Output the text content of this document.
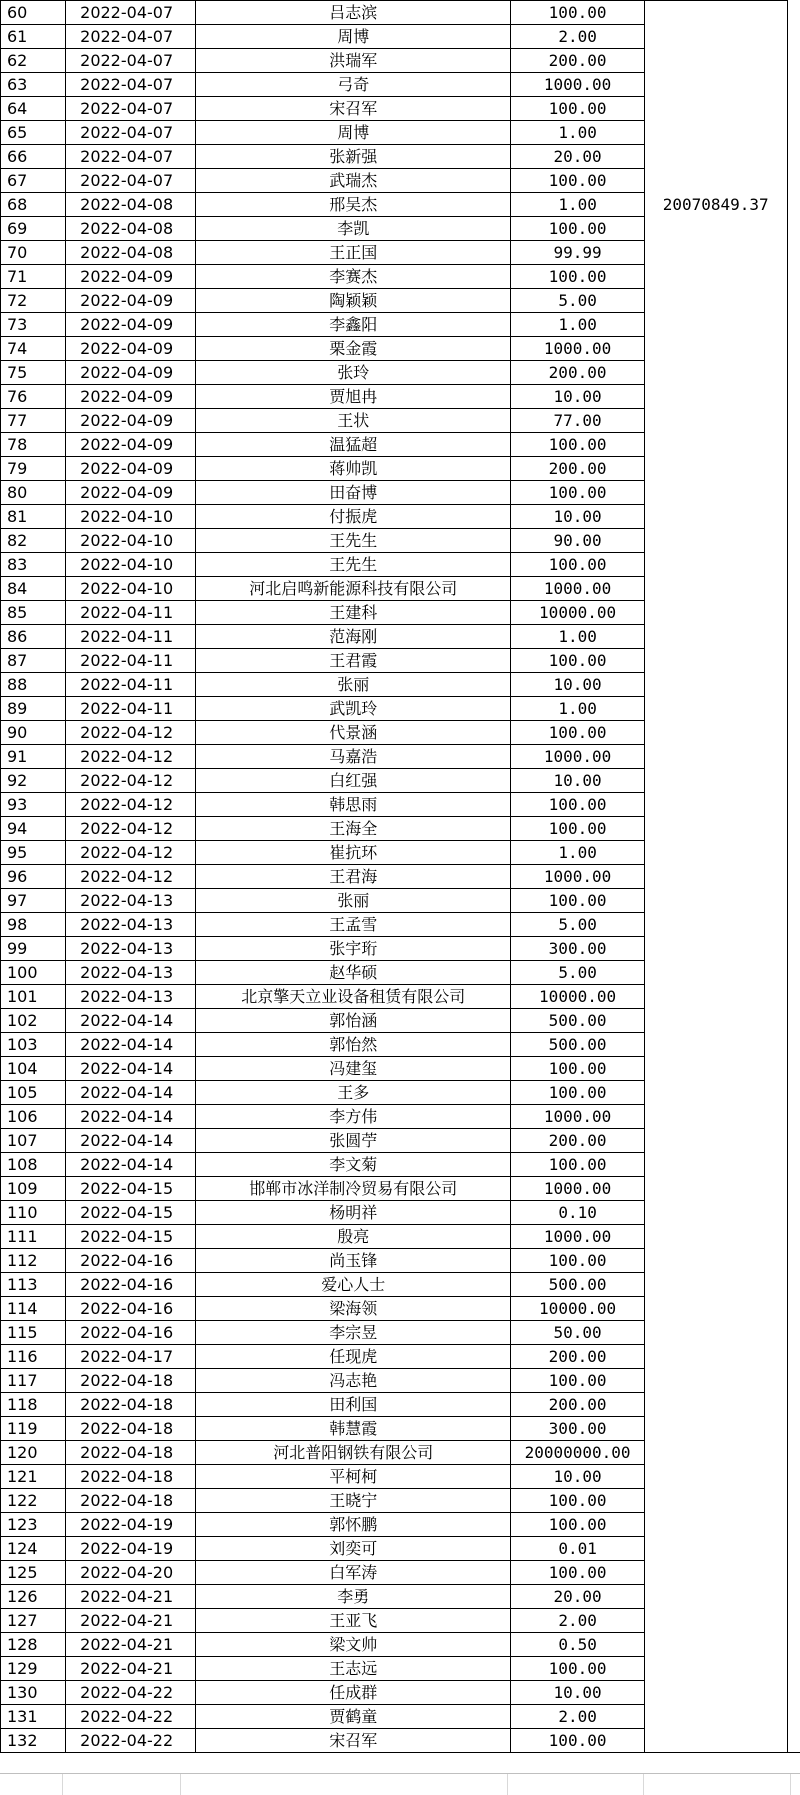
60	2022-04-07	吕志滨	100.00	20070849.37	

61	2022-04-07	周博	2.00		
62	2022-04-07	洪瑞军	200.00		
63	2022-04-07	弓奇	1000.00		
64	2022-04-07	宋召军	100.00		
65	2022-04-07	周博	1.00		
66	2022-04-07	张新强	20.00		
67	2022-04-07	武瑞杰	100.00		
68	2022-04-08	邢吴杰	1.00		
69	2022-04-08	李凯	100.00		
70	2022-04-08	王正国	99.99		
71	2022-04-09	李赛杰	100.00		
72	2022-04-09	陶颖颖	5.00		
73	2022-04-09	李鑫阳	1.00		
74	2022-04-09	栗金霞	1000.00		
75	2022-04-09	张玲	200.00		
76	2022-04-09	贾旭冉	10.00		
77	2022-04-09	王状	77.00		
78	2022-04-09	温猛超	100.00		
79	2022-04-09	蒋帅凯	200.00		
80	2022-04-09	田奋博	100.00		
81	2022-04-10	付振虎	10.00		
82	2022-04-10	王先生	90.00		
83	2022-04-10	王先生	100.00		
84	2022-04-10	河北启鸣新能源科技有限公司	1000.00		
85	2022-04-11	王建科	10000.00		
86	2022-04-11	范海刚	1.00		
87	2022-04-11	王君霞	100.00		
88	2022-04-11	张丽	10.00		
89	2022-04-11	武凯玲	1.00		
90	2022-04-12	代景涵	100.00		
91	2022-04-12	马嘉浩	1000.00		
92	2022-04-12	白红强	10.00		
93	2022-04-12	韩思雨	100.00		
94	2022-04-12	王海全	100.00		
95	2022-04-12	崔抗环	1.00		
96	2022-04-12	王君海	1000.00		
97	2022-04-13	张丽	100.00		
98	2022-04-13	王孟雪	5.00		
99	2022-04-13	张宇珩	300.00		
100	2022-04-13	赵华硕	5.00		
101	2022-04-13	北京擎天立业设备租赁有限公司	10000.00		
102	2022-04-14	郭怡涵	500.00		
103	2022-04-14	郭怡然	500.00		
104	2022-04-14	冯建玺	100.00		
105	2022-04-14	王多	100.00		
106	2022-04-14	李方伟	1000.00		
107	2022-04-14	张圆苧	200.00		
108	2022-04-14	李文菊	100.00		
109	2022-04-15	邯郸市冰洋制冷贸易有限公司	1000.00		
110	2022-04-15	杨明祥	0.10		
111	2022-04-15	殷亮	1000.00		
112	2022-04-16	尚玉锋	100.00		
113	2022-04-16	爱心人士	500.00		
114	2022-04-16	梁海领	10000.00		
115	2022-04-16	李宗昱	50.00		
116	2022-04-17	任现虎	200.00		
117	2022-04-18	冯志艳	100.00		
118	2022-04-18	田利国	200.00		
119	2022-04-18	韩慧霞	300.00		
120	2022-04-18	河北普阳钢铁有限公司	20000000.00		
121	2022-04-18	平柯柯	10.00		
122	2022-04-18	王晓宁	100.00		
123	2022-04-19	郭怀鹏	100.00		
124	2022-04-19	刘奕可	0.01		
125	2022-04-20	白军涛	100.00		
126	2022-04-21	李勇	20.00		
127	2022-04-21	王亚飞	2.00		
128	2022-04-21	梁文帅	0.50		
129	2022-04-21	王志远	100.00		
130	2022-04-22	任成群	10.00		
131	2022-04-22	贾鹤童	2.00		
132	2022-04-22	宋召军	100.00		
